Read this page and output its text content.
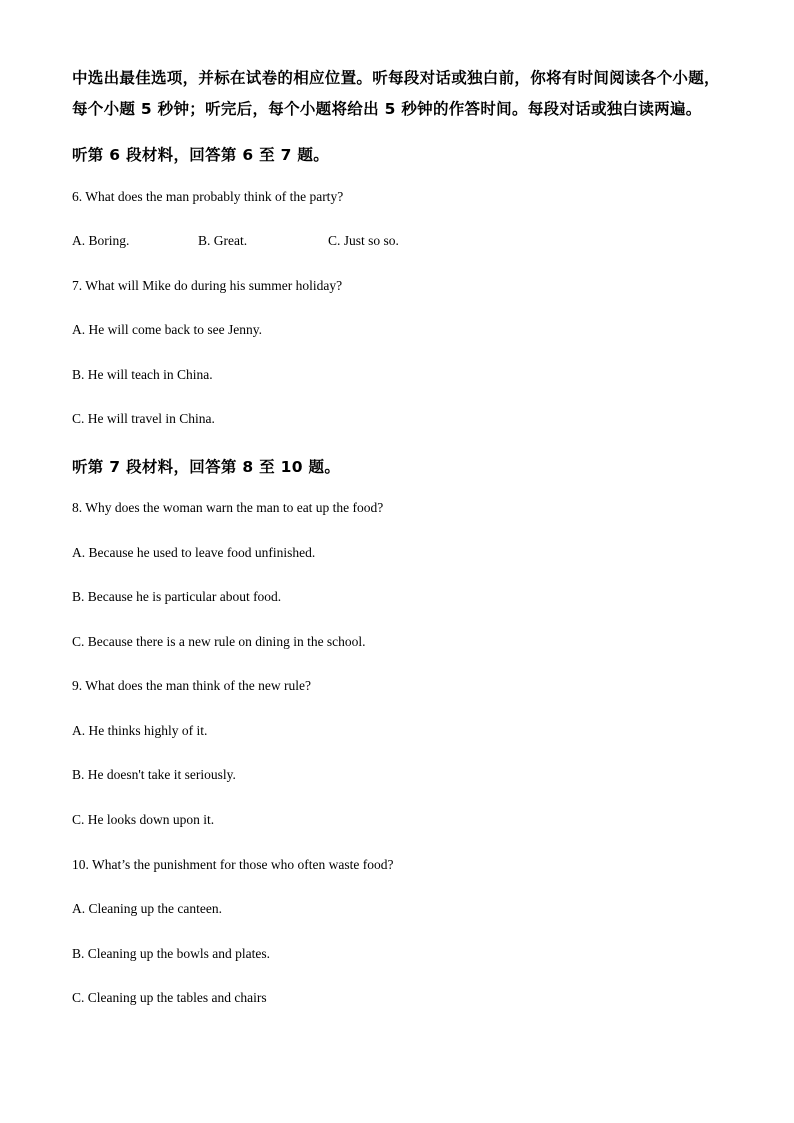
中选出最佳选项，并标在试卷的相应位置。听每段对话或独白前，你将有时间阅读各个小题，
每个小题 5 秒钟；听完后，每个小题将给出 5 秒钟的作答时间。每段对话或独白读两遍。
听第 6 段材料，回答第 6 至 7 题。
6. What does the man probably think of the party?
A. Boring.	B. Great.	C. Just so so.
7. What will Mike do during his summer holiday?
A. He will come back to see Jenny.
B. He will teach in China.
C. He will travel in China.
听第 7 段材料，回答第 8 至 10 题。
8. Why does the woman warn the man to eat up the food?
A. Because he used to leave food unfinished.
B. Because he is particular about food.
C. Because there is a new rule on dining in the school.
9. What does the man think of the new rule?
A. He thinks highly of it.
B. He doesn't take it seriously.
C. He looks down upon it.
10. What’s the punishment for those who often waste food?
A. Cleaning up the canteen.
B. Cleaning up the bowls and plates.
C. Cleaning up the tables and chairs
